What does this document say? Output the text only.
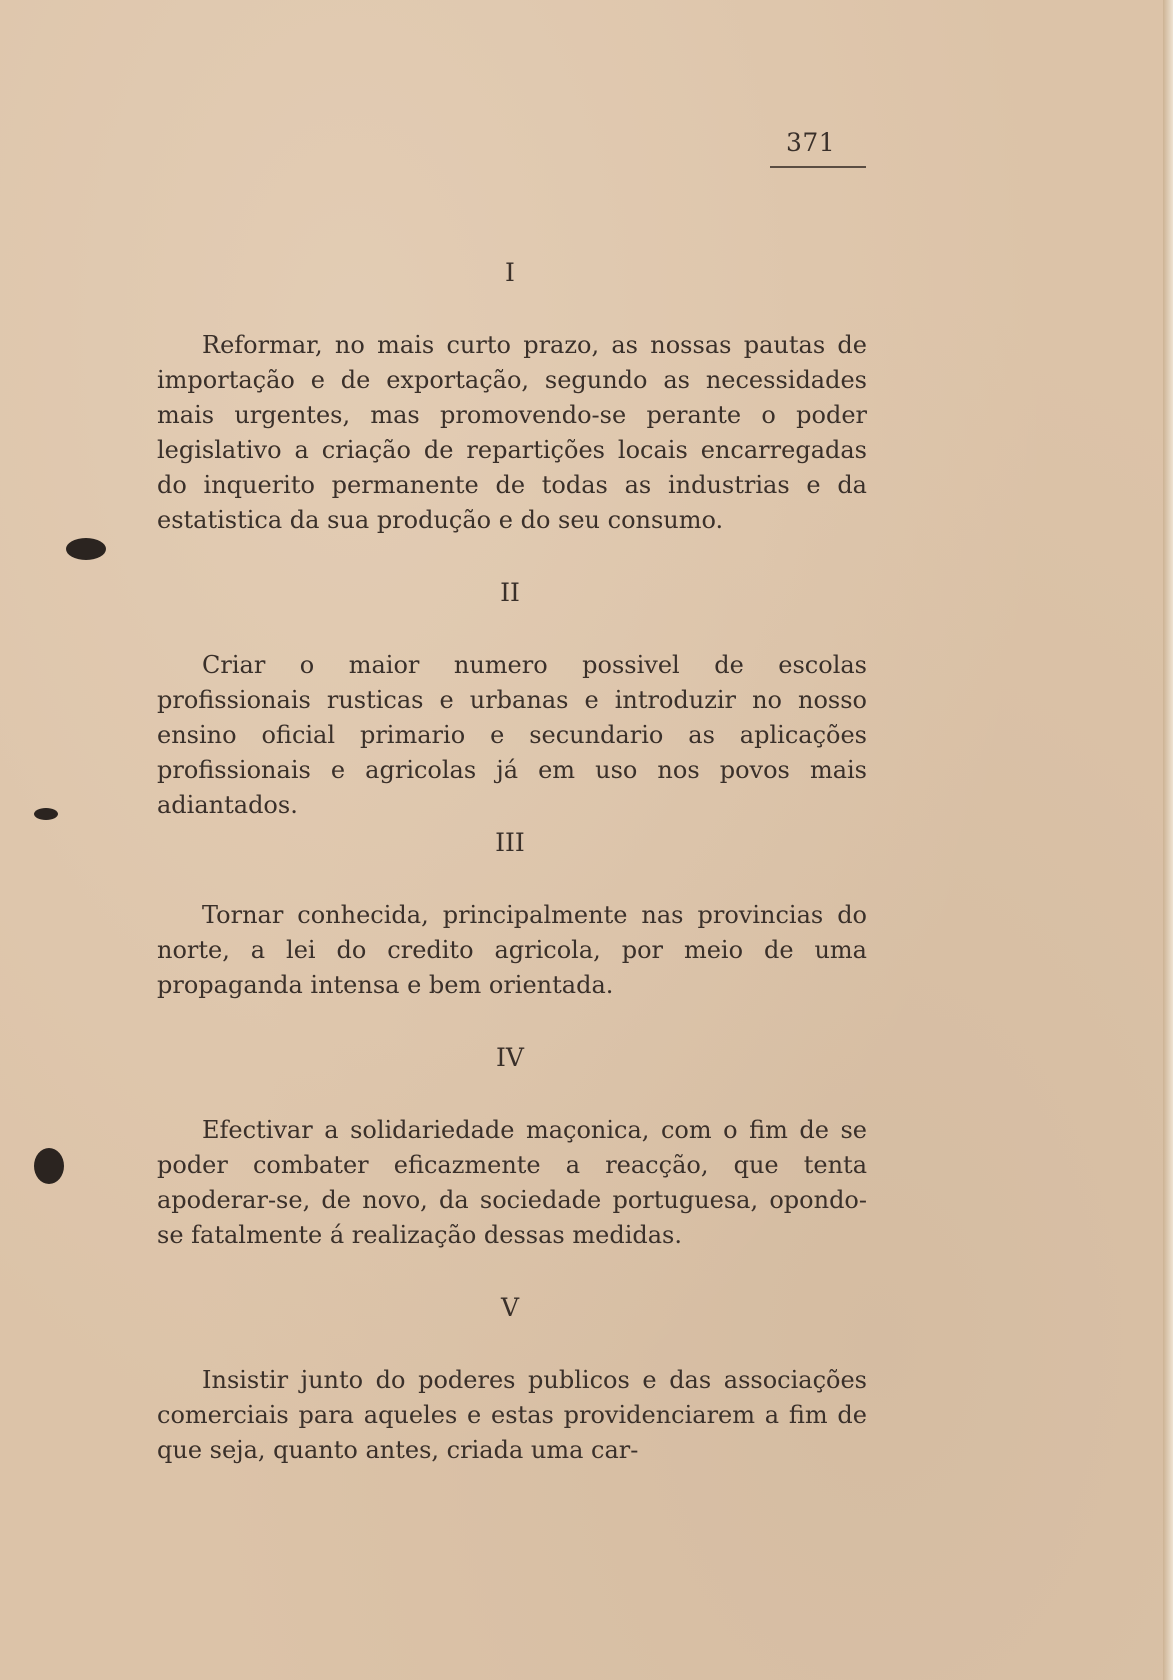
371
I

Reformar, no mais curto prazo, as nossas pautas de importação e de exportação, segundo as necessidades mais urgentes, mas promovendo-se perante o poder legislativo a criação de repartições locais encarregadas do inquerito permanente de todas as industrias e da estatistica da sua produção e do seu consumo.

II

Criar o maior numero possivel de escolas profissionais rusticas e urbanas e introduzir no nosso ensino oficial primario e secundario as aplicações profissionais e agricolas já em uso nos povos mais adiantados.

III

Tornar conhecida, principalmente nas provincias do norte, a lei do credito agricola, por meio de uma propaganda intensa e bem orientada.

IV

Efectivar a solidariedade maçonica, com o fim de se poder combater eficazmente a reacção, que tenta apoderar-se, de novo, da sociedade portuguesa, opondo-se fatalmente á realização dessas medidas.

V

Insistir junto do poderes publicos e das associações comerciais para aqueles e estas providenciarem a fim de que seja, quanto antes, criada uma car-
